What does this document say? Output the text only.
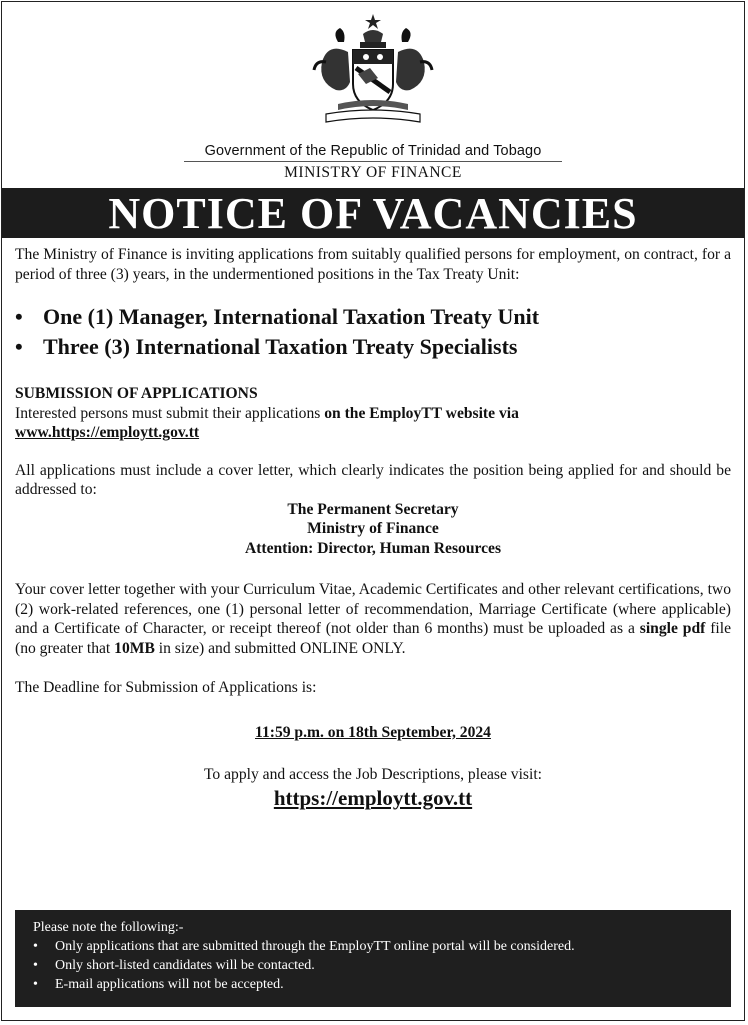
Government of the Republic of Trinidad and Tobago
MINISTRY OF FINANCE
NOTICE OF VACANCIES

The Ministry of Finance is inviting applications from suitably qualified persons for employment, on contract, for a period of three (3) years, in the undermentioned positions in the Tax Treaty Unit:

• One (1) Manager, International Taxation Treaty Unit
• Three (3) International Taxation Treaty Specialists
SUBMISSION OF APPLICATIONS
Interested persons must submit their applications on the EmployTT website via
www.https://employtt.gov.tt
All applications must include a cover letter, which clearly indicates the position being applied for and should be addressed to:
The Permanent Secretary
Ministry of Finance
Attention: Director, Human Resources
Your cover letter together with your Curriculum Vitae, Academic Certificates and other relevant certifications, two (2) work-related references, one (1) personal letter of recommendation, Marriage Certificate (where applicable) and a Certificate of Character, or receipt thereof (not older than 6 months) must be uploaded as a single pdf file (no greater that 10MB in size) and submitted ONLINE ONLY.
The Deadline for Submission of Applications is:
11:59 p.m. on 18th September, 2024
To apply and access the Job Descriptions, please visit:
https://employtt.gov.tt
Please note the following:-
•	Only applications that are submitted through the EmployTT online portal will be considered.
•	Only short-listed candidates will be contacted.
•	E-mail applications will not be accepted.
